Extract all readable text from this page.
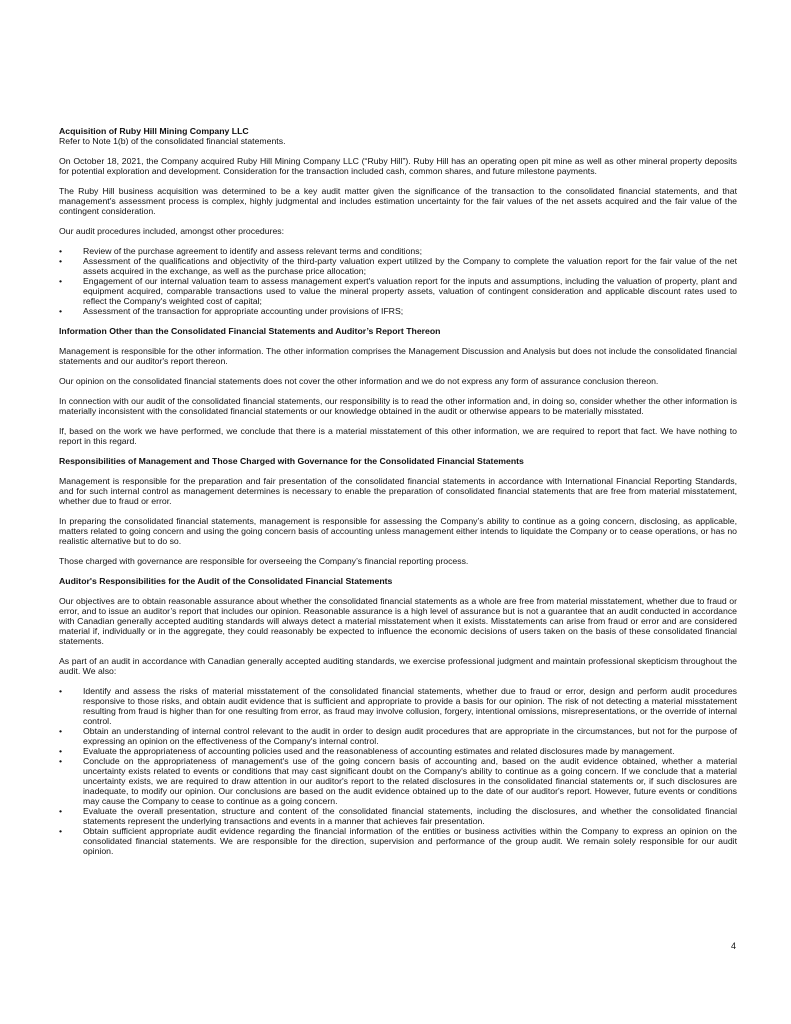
Acquisition of Ruby Hill Mining Company LLC

Refer to Note 1(b) of the consolidated financial statements.

On October 18, 2021, the Company acquired Ruby Hill Mining Company LLC (“Ruby Hill”). Ruby Hill has an operating open pit mine as well as other mineral property deposits for potential exploration and development. Consideration for the transaction included cash, common shares, and future milestone payments.

The Ruby Hill business acquisition was determined to be a key audit matter given the significance of the transaction to the consolidated financial statements, and that management's assessment process is complex, highly judgmental and includes estimation uncertainty for the fair values of the net assets acquired and the fair value of the contingent consideration.

Our audit procedures included, amongst other procedures:

• Review of the purchase agreement to identify and assess relevant terms and conditions;
• Assessment of the qualifications and objectivity of the third-party valuation expert utilized by the Company to complete the valuation report for the fair value of the net assets acquired in the exchange, as well as the purchase price allocation;
• Engagement of our internal valuation team to assess management expert's valuation report for the inputs and assumptions, including the valuation of property, plant and equipment acquired, comparable transactions used to value the mineral property assets, valuation of contingent consideration and applicable discount rates used to reflect the Company's weighted cost of capital;
• Assessment of the transaction for appropriate accounting under provisions of IFRS;

Information Other than the Consolidated Financial Statements and Auditor’s Report Thereon

Management is responsible for the other information. The other information comprises the Management Discussion and Analysis but does not include the consolidated financial statements and our auditor's report thereon.

Our opinion on the consolidated financial statements does not cover the other information and we do not express any form of assurance conclusion thereon.

In connection with our audit of the consolidated financial statements, our responsibility is to read the other information and, in doing so, consider whether the other information is materially inconsistent with the consolidated financial statements or our knowledge obtained in the audit or otherwise appears to be materially misstated.

If, based on the work we have performed, we conclude that there is a material misstatement of this other information, we are required to report that fact. We have nothing to report in this regard.

Responsibilities of Management and Those Charged with Governance for the Consolidated Financial Statements

Management is responsible for the preparation and fair presentation of the consolidated financial statements in accordance with International Financial Reporting Standards, and for such internal control as management determines is necessary to enable the preparation of consolidated financial statements that are free from material misstatement, whether due to fraud or error.

In preparing the consolidated financial statements, management is responsible for assessing the Company’s ability to continue as a going concern, disclosing, as applicable, matters related to going concern and using the going concern basis of accounting unless management either intends to liquidate the Company or to cease operations, or has no realistic alternative but to do so.

Those charged with governance are responsible for overseeing the Company’s financial reporting process.

Auditor's Responsibilities for the Audit of the Consolidated Financial Statements

Our objectives are to obtain reasonable assurance about whether the consolidated financial statements as a whole are free from material misstatement, whether due to fraud or error, and to issue an auditor’s report that includes our opinion. Reasonable assurance is a high level of assurance but is not a guarantee that an audit conducted in accordance with Canadian generally accepted auditing standards will always detect a material misstatement when it exists. Misstatements can arise from fraud or error and are considered material if, individually or in the aggregate, they could reasonably be expected to influence the economic decisions of users taken on the basis of these consolidated financial statements.

As part of an audit in accordance with Canadian generally accepted auditing standards, we exercise professional judgment and maintain professional skepticism throughout the audit. We also:

• Identify and assess the risks of material misstatement of the consolidated financial statements, whether due to fraud or error, design and perform audit procedures responsive to those risks, and obtain audit evidence that is sufficient and appropriate to provide a basis for our opinion. The risk of not detecting a material misstatement resulting from fraud is higher than for one resulting from error, as fraud may involve collusion, forgery, intentional omissions, misrepresentations, or the override of internal control.
• Obtain an understanding of internal control relevant to the audit in order to design audit procedures that are appropriate in the circumstances, but not for the purpose of expressing an opinion on the effectiveness of the Company's internal control.
• Evaluate the appropriateness of accounting policies used and the reasonableness of accounting estimates and related disclosures made by management.
• Conclude on the appropriateness of management's use of the going concern basis of accounting and, based on the audit evidence obtained, whether a material uncertainty exists related to events or conditions that may cast significant doubt on the Company's ability to continue as a going concern. If we conclude that a material uncertainty exists, we are required to draw attention in our auditor's report to the related disclosures in the consolidated financial statements or, if such disclosures are inadequate, to modify our opinion. Our conclusions are based on the audit evidence obtained up to the date of our auditor's report. However, future events or conditions may cause the Company to cease to continue as a going concern.
• Evaluate the overall presentation, structure and content of the consolidated financial statements, including the disclosures, and whether the consolidated financial statements represent the underlying transactions and events in a manner that achieves fair presentation.
• Obtain sufficient appropriate audit evidence regarding the financial information of the entities or business activities within the Company to express an opinion on the consolidated financial statements. We are responsible for the direction, supervision and performance of the group audit. We remain solely responsible for our audit opinion.
4
